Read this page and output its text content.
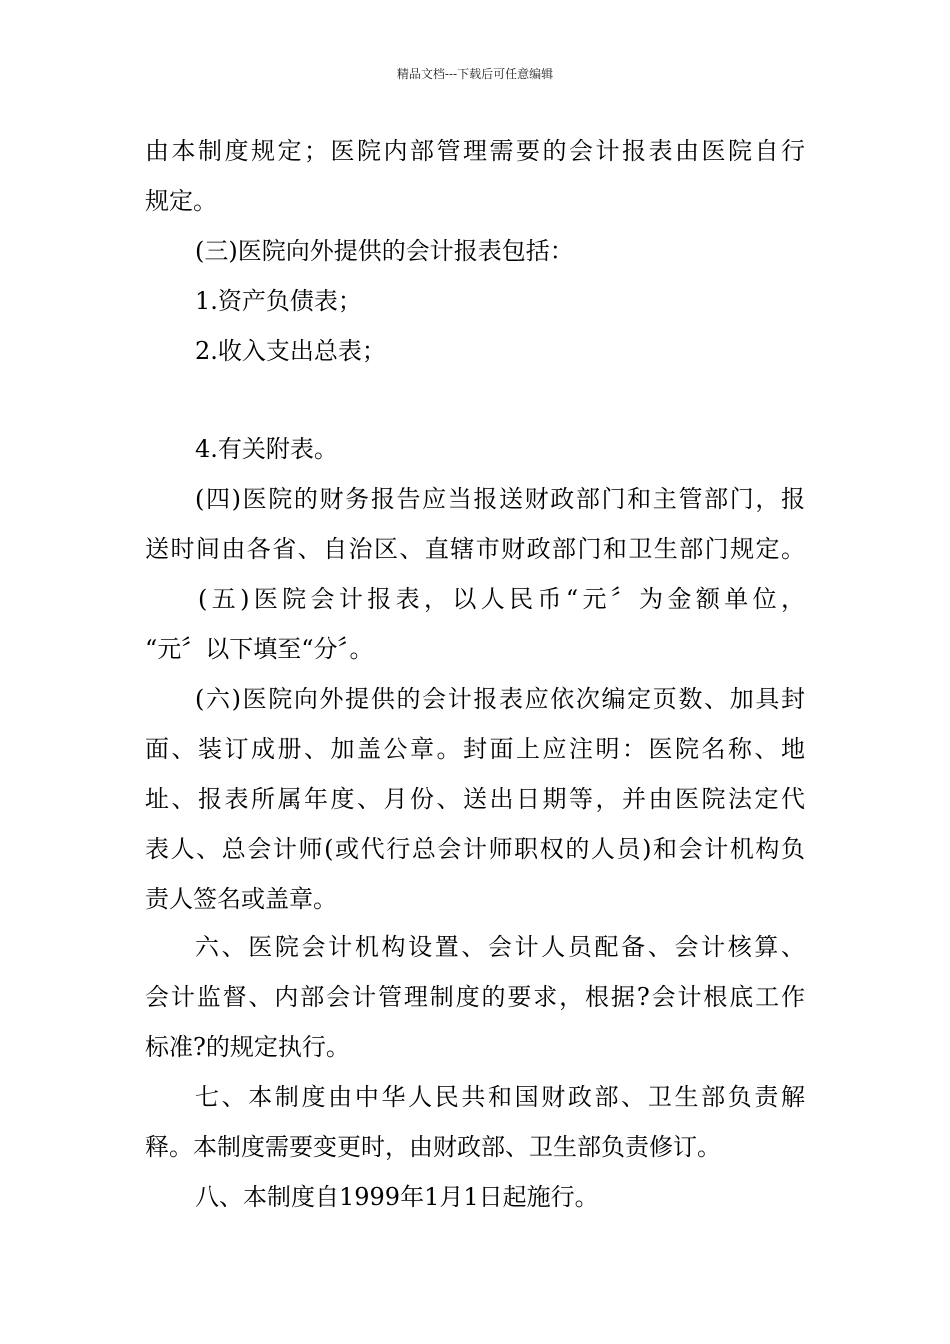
精品文档---下载后可任意编辑
由本制度规定；医院内部管理需要的会计报表由医院自行
规定。
(三)医院向外提供的会计报表包括：
1.资产负债表；
2.收入支出总表；
4.有关附表。
(四)医院的财务报告应当报送财政部门和主管部门，报
送时间由各省、自治区、直辖市财政部门和卫生部门规定。
(五)医院会计报表，以人民币“元〞为金额单位，
“元〞以下填至“分〞。
(六)医院向外提供的会计报表应依次编定页数、加具封
面、装订成册、加盖公章。封面上应注明：医院名称、地
址、报表所属年度、月份、送出日期等，并由医院法定代
表人、总会计师(或代行总会计师职权的人员)和会计机构负
责人签名或盖章。
六、医院会计机构设置、会计人员配备、会计核算、
会计监督、内部会计管理制度的要求，根据?会计根底工作
标准?的规定执行。
七、本制度由中华人民共和国财政部、卫生部负责解
释。本制度需要变更时，由财政部、卫生部负责修订。
八、本制度自1999年1月1日起施行。
